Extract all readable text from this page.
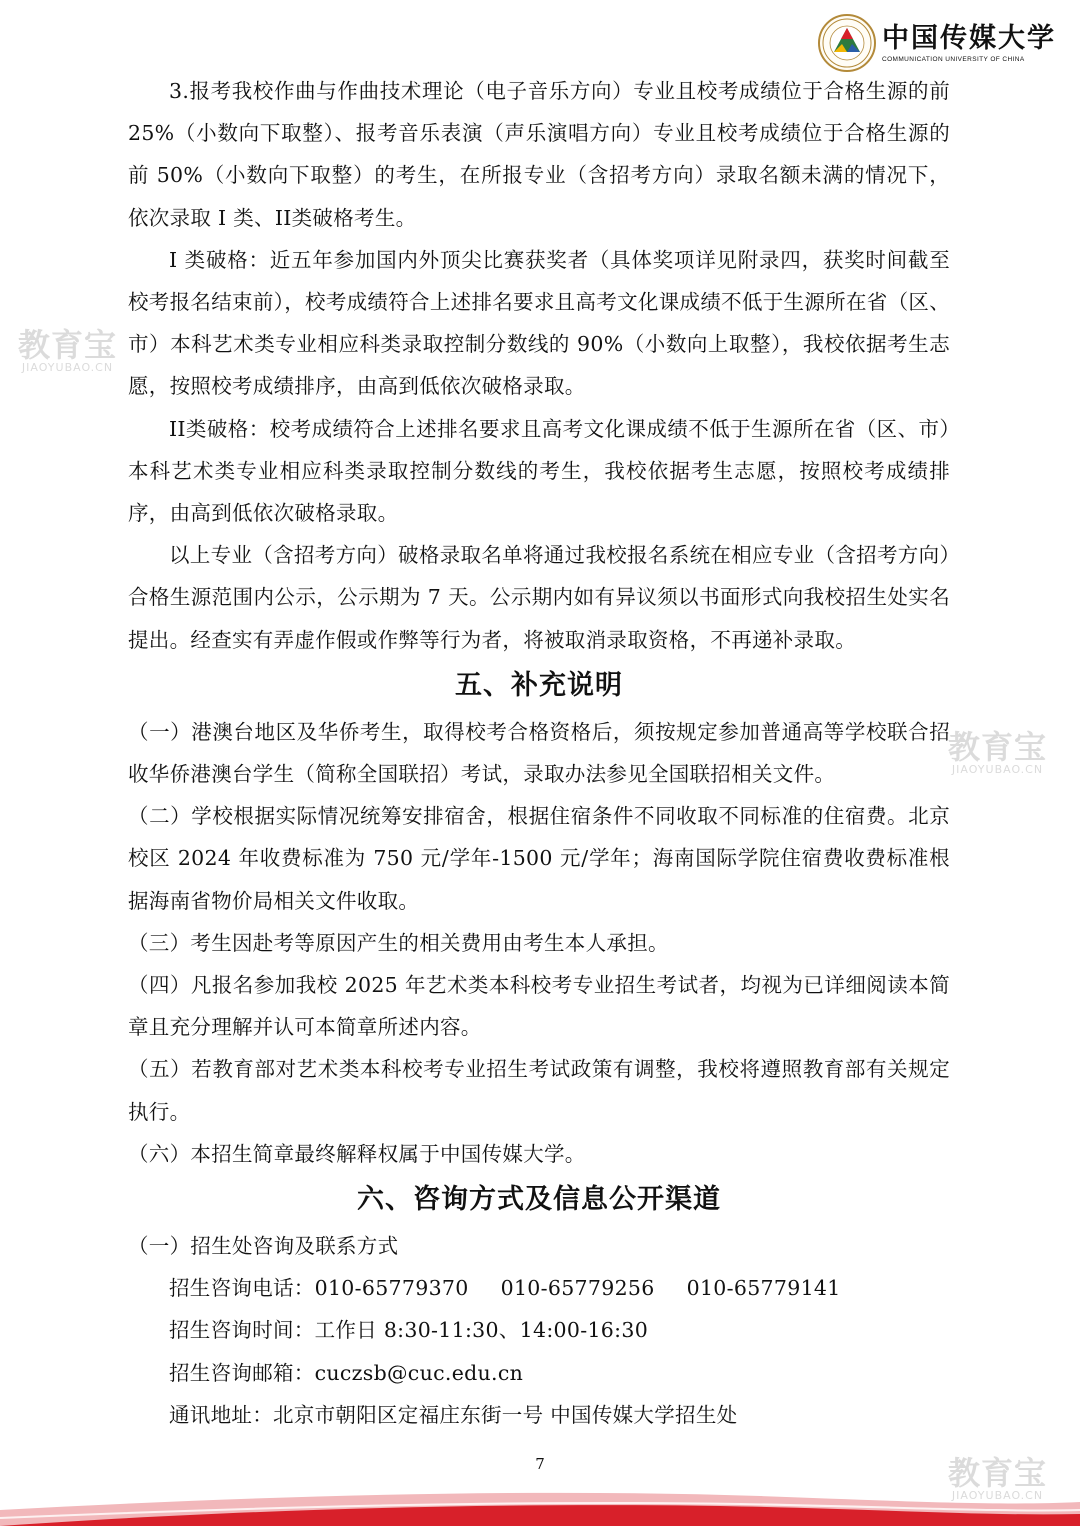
中国传媒大学
COMMUNICATION UNIVERSITY OF CHINA

3.报考我校作曲与作曲技术理论（电子音乐方向）专业且校考成绩位于合格生源的前 25%（小数向下取整）、报考音乐表演（声乐演唱方向）专业且校考成绩位于合格生源的前 50%（小数向下取整）的考生，在所报专业（含招考方向）录取名额未满的情况下，依次录取 I 类、II类破格考生。

I 类破格：近五年参加国内外顶尖比赛获奖者（具体奖项详见附录四，获奖时间截至校考报名结束前），校考成绩符合上述排名要求且高考文化课成绩不低于生源所在省（区、市）本科艺术类专业相应科类录取控制分数线的 90%（小数向上取整），我校依据考生志愿，按照校考成绩排序，由高到低依次破格录取。

II类破格：校考成绩符合上述排名要求且高考文化课成绩不低于生源所在省（区、市）本科艺术类专业相应科类录取控制分数线的考生，我校依据考生志愿，按照校考成绩排序，由高到低依次破格录取。

以上专业（含招考方向）破格录取名单将通过我校报名系统在相应专业（含招考方向）合格生源范围内公示，公示期为 7 天。公示期内如有异议须以书面形式向我校招生处实名提出。经查实有弄虚作假或作弊等行为者，将被取消录取资格，不再递补录取。

五、补充说明

（一）港澳台地区及华侨考生，取得校考合格资格后，须按规定参加普通高等学校联合招收华侨港澳台学生（简称全国联招）考试，录取办法参见全国联招相关文件。

（二）学校根据实际情况统筹安排宿舍，根据住宿条件不同收取不同标准的住宿费。北京校区 2024 年收费标准为 750 元/学年-1500 元/学年；海南国际学院住宿费收费标准根据海南省物价局相关文件收取。

（三）考生因赴考等原因产生的相关费用由考生本人承担。

（四）凡报名参加我校 2025 年艺术类本科校考专业招生考试者，均视为已详细阅读本简章且充分理解并认可本简章所述内容。

（五）若教育部对艺术类本科校考专业招生考试政策有调整，我校将遵照教育部有关规定执行。

（六）本招生简章最终解释权属于中国传媒大学。

六、咨询方式及信息公开渠道

（一）招生处咨询及联系方式

招生咨询电话：010-65779370 010-65779256 010-65779141

招生咨询时间：工作日 8:30-11:30、14:00-16:30

招生咨询邮箱：cuczsb@cuc.edu.cn

通讯地址：北京市朝阳区定福庄东街一号 中国传媒大学招生处

7
教育宝
JIAOYUBAO.CN
教育宝
JIAOYUBAO.CN
教育宝
JIAOYUBAO.CN
